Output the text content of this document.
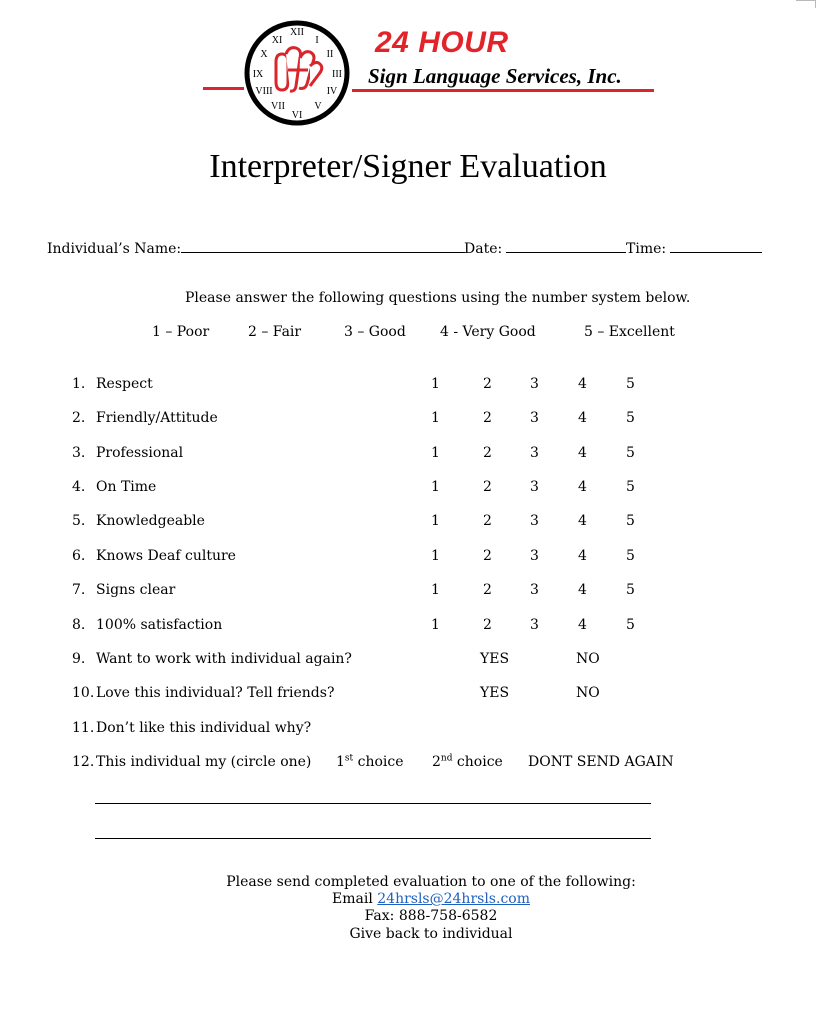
XII
I
II
III
IV
V
VI
VII
VIII
IX
X
XI	24 HOUR
Sign Language Services, Inc.
Interpreter/Signer Evaluation
Individual’s Name:	Date:	Time:
Please answer the following questions using the number system below.
1 – Poor	2 – Fair	3 – Good 4 - Very Good	5 – Excellent
1. Respect	1	2	3	4	5
2. Friendly/Attitude	1	2	3	4	5
3. Professional	1	2	3	4	5
4. On Time	1	2	3	4	5
5. Knowledgeable	1	2	3	4	5
6. Knows Deaf culture	1	2	3	4	5
7. Signs clear	1	2	3	4	5
8. 100% satisfaction	1	2	3	4	5
9. Want to work with individual again?	YES	NO
10. Love this individual? Tell friends?	YES	NO
11. Don’t like this individual why?
12. This individual my (circle one) 1st choice 2nd choice DONT SEND AGAIN
Please send completed evaluation to one of the following:
Email 24hrsls@24hrsls.com
Fax: 888-758-6582
Give back to individual
